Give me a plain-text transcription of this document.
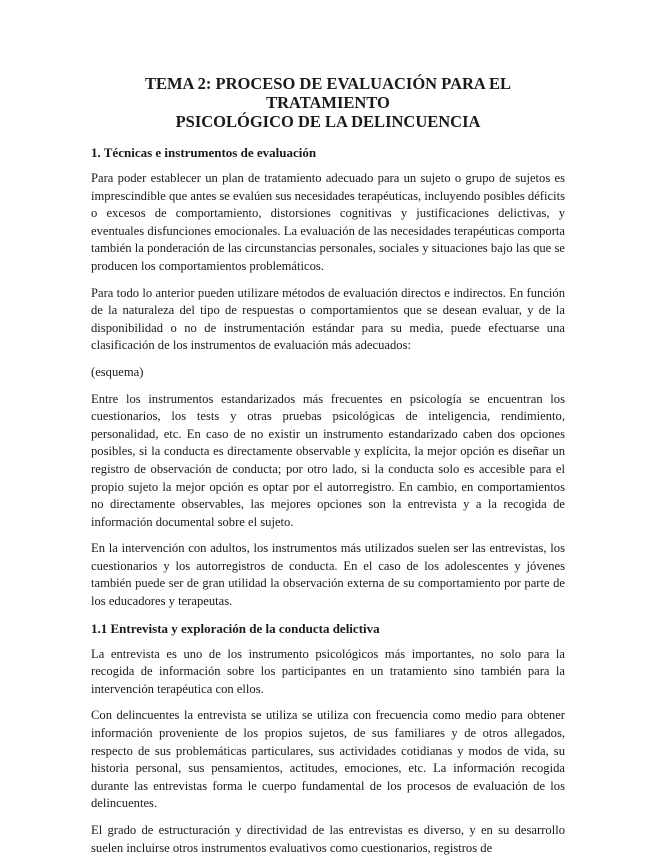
TEMA 2: PROCESO DE EVALUACIÓN PARA EL TRATAMIENTO
PSICOLÓGICO DE LA DELINCUENCIA
1. Técnicas e instrumentos de evaluación

Para poder establecer un plan de tratamiento adecuado para un sujeto o grupo de sujetos es imprescindible que antes se evalúen sus necesidades terapéuticas, incluyendo posibles déficits o excesos de comportamiento, distorsiones cognitivas y justificaciones delictivas, y eventuales disfunciones emocionales. La evaluación de las necesidades terapéuticas comporta también la ponderación de las circunstancias personales, sociales y situaciones bajo las que se producen los comportamientos problemáticos.

Para todo lo anterior pueden utilizare métodos de evaluación directos e indirectos. En función de la naturaleza del tipo de respuestas o comportamientos que se desean evaluar, y de la disponibilidad o no de instrumentación estándar para su media, puede efectuarse una clasificación de los instrumentos de evaluación más adecuados:

(esquema)

Entre los instrumentos estandarizados más frecuentes en psicología se encuentran los cuestionarios, los tests y otras pruebas psicológicas de inteligencia, rendimiento, personalidad, etc. En caso de no existir un instrumento estandarizado caben dos opciones posibles, si la conducta es directamente observable y explícita, la mejor opción es diseñar un registro de observación de conducta; por otro lado, si la conducta solo es accesible para el propio sujeto la mejor opción es optar por el autorregistro. En cambio, en comportamientos no directamente observables, las mejores opciones son la entrevista y a la recogida de información documental sobre el sujeto.

En la intervención con adultos, los instrumentos más utilizados suelen ser las entrevistas, los cuestionarios y los autorregistros de conducta. En el caso de los adolescentes y jóvenes también puede ser de gran utilidad la observación externa de su comportamiento por parte de los educadores y terapeutas.

1.1 Entrevista y exploración de la conducta delictiva

La entrevista es uno de los instrumento psicológicos más importantes, no solo para la recogida de información sobre los participantes en un tratamiento sino también para la intervención terapéutica con ellos.

Con delincuentes la entrevista se utiliza se utiliza con frecuencia como medio para obtener información proveniente de los propios sujetos, de sus familiares y de otros allegados, respecto de sus problemáticas particulares, sus actividades cotidianas y modos de vida, su historia personal, sus pensamientos, actitudes, emociones, etc. La información recogida durante las entrevistas forma le cuerpo fundamental de los procesos de evaluación de los delincuentes.

El grado de estructuración y directividad de las entrevistas es diverso, y en su desarrollo suelen incluirse otros instrumentos evaluativos como cuestionarios, registros de
